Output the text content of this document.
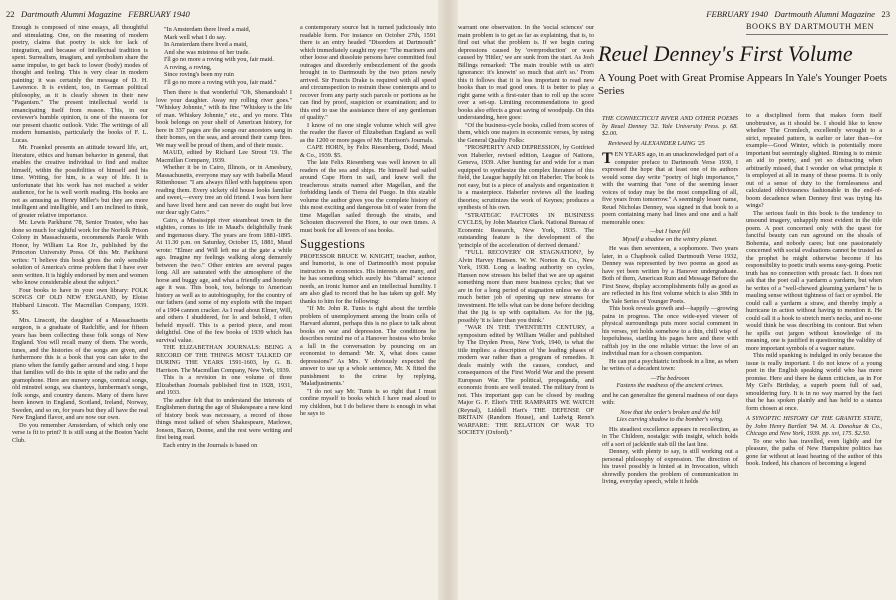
22 Dartmouth Alumni Magazine FEBRUARY 1940

Enough is composed of nine essays, all thoughtful and stimulating. One, on the meaning of modern poetry, claims that poetry is sick for lack of integration, and because of intellectual tradition is spent. Surrealism, imagism, and symbolism share the same impulse, to get back to lower (body) modes of thought and feeling. This is very clear in modern painting; it was certainly the message of D. H. Lawrence. It is evident, too, in German political philosophy, as it is clearly shown in their new "Paganism." The present intellectual world is emancipating itself from reason. This, in our reviewer's humble opinion, is one of the reasons for our present chaotic outlook. Vide: The writings of all modern humanists, particularly the books of F. L. Lucas.

Mr. Fraenkel presents an attitude toward life, art, literature, ethics and human behavior in general, that enables the creative individual to find and realize himself, within the possibilities of himself and his time. Writing, for him, is a way of life. It is unfortunate that his work has not reached a wider audience, for he is well worth reading. His books are not as amusing as Henry Miller's but they are more intelligent and intelligible, and I am inclined to think, of greater relative importance.

Mr. Lewis Parkhurst '78, Senior Trustee, who has done so much for sightful work for the Norfolk Prison Colony in Massachusetts, recommends Parole With Honor, by William La Roe Jr., published by the Princeton University Press. Of this Mr. Parkhurst writes: "I believe this book gives the only sensible solution of America's crime problem that I have ever seen written. It is highly endorsed by men and women who know considerable about the subject."

Four books to have in your own library: FOLK SONGS OF OLD NEW ENGLAND, by Eloise Hubbard Linscott. The Macmillan Company, 1939. $5.

Mrs. Linscott, the daughter of a Massachusetts surgeon, is a graduate of Radcliffe, and for fifteen years has been collecting these folk songs of New England. You will recall many of them. The words, tunes, and the histories of the songs are given, and furthermore this is a book that you can take to the piano when the family gather around and sing. I hope that families will do this in spite of the radio and the gramophone. Here are nursery songs, comical songs, old minstrel songs, sea chanteys, lumberman's songs, folk songs, and country dances. Many of them have been known in England, Scotland, Ireland, Norway, Sweden, and so on, for years but they all have the real New England flavor, and are now our own.

Do you remember Amsterdam, of which only one verse is fit to print? It is still sung at the Boston Yacht Club.

"In Amsterdam there lived a maid,
Mark well what I do say.
In Amsterdam there lived a maid,
And she was mistress of her trade.
I'll go no more a roving with you, fair maid.
A roving, a roving,
Since roving's been my ruin
I'll go no more a roving with you, fair maid."

Then there is that wonderful "Oh, Shenandoah! I love your daughter. Away my rolling river goes." "Whiskey Johnnie," with its fine "Whiskey is the life of man. Whiskey Johnnie," etc., and yo more. This book belongs on your shelf of American history, for here in 337 pages are the songs our ancestors sang in their homes, on the seas, and around their camp fires. We may well be proud of them, and of their music.

MAUD, edited by Richard Lee Strout '19. The Macmillan Company, 1939.

Whether it be in Cairo, Illinois, or in Amesbury, Massachusetts, everyone may say with Isabella Maud Rittenhouse: "I am always filled with happiness upon reading them. Every sickety old house looks familiar and sweet,—every tree an old friend. I was born here and have lived here and can never do ought but love our dear ugly Cairo."

Cairo, a Mississippi river steamboat town in the eighties, comes to life in Maud's delightfully frank and ingenuous diary. The years are from 1881-1895. At 11.30 p.m. on Saturday, October 15, 1881, Maud wrote: "Elmer and Will left me at the gate a while ago. Imagine my feelings walking along demurely between the two." Other entries are several pages long. All are saturated with the atmosphere of the horse and buggy age, and what a friendly and homely age it was. This book, too, belongs to American history as well as to autobiography, for the country of our fathers (and some of my exploits with the impact of a 1904 cannon cracker. As I read about Elmer, Will, and others I shuddered, for lo and behold, I often beheld myself. This is a period piece, and most delightful. One of the few books of 1939 which has survival value.

THE ELIZABETHAN JOURNALS: BEING A RECORD OF THE THINGS MOST TALKED OF DURING THE YEARS 1591-1603, by G. B. Harrison. The Macmillan Company, New York, 1939.

This is a revision in one volume of three Elizabethan Journals published first in 1928, 1931, and 1933.

The author felt that to understand the interests of Englishmen during the age of Shakespeare a new kind of history book was necessary, a record of those things most talked of when Shakespeare, Marlowe, Jonson, Bacon, Donne, and the rest were writing and first being read.

Each entry in the Journals is based on

a contemporary source but is turned judiciously into readable form. For instance on October 27th, 1591 there is an entry headed "Disorders at Dartmouth" which immediately caught my eye: "The mariners and other loose and dissolute persons have committed foul outrages and disorderly embezzlement of the goods brought in to Dartmouth by the two prizes newly arrived. Sir Francis Drake is required with all speed and circumspection to restrain these contempts and to recover from any party such parcels or portions as he can find by proof, suspicion or examination; and to this end to use the assistance there of any gentleman of quality."

I know of no one single volume which will give the reader the flavor of Elizabethan England as well as the 1200 or more pages of Mr. Harrison's Journals.

CAPE HORN, by Felix Riesenberg, Dodd, Mead & Co., 1939. $5.

The late Felix Riesenberg was well known to all readers of the sea and ships. He himself had sailed around Cape Horn in sail, and knew well the treacherous straits named after Magellan, and the forbidding lands of Tierra del Fuego. In this sizable volume the author gives you the complete history of this most exciting and dangerous bit of water from the time Magellan sailed through the straits, and Schouten discovered the Horn, to our own times. A must book for all lovers of sea books.

Suggestions

PROFESSOR BRUCE W. KNIGHT, teacher, author, and humorist, is one of Dartmouth's most popular instructors in economics. His interests are many, and he has something which surely his "dismal" science needs, an ironic humor and an intellectual humility. I am also glad to record that he has taken up golf. My thanks to him for the following:

"If Mr. John R. Tunis is right about the terrible problem of unemployment among the brain cells of Harvard alumni, perhaps this is no place to talk about books on war and depression. The conditions he describes remind me of a Hanover hostess who broke a lull in the conversation by pouncing on an economist to demand: 'Mr. X, what does cause depressions?' As Mrs. Y obviously expected the answer to use up a whole sentence, Mr. X fitted the punishment to the crime by replying, 'Maladjustments.'

"I do not say Mr. Tunis is so right that I must confine myself to books which I have read aloud to my children, but I do believe there is enough in what he says to

FEBRUARY 1940 Dartmouth Alumni Magazine 23

warrant one observation. In the 'social sciences' our main problem is to get as far as explaining, that is, to find out what the problem is. If we begin curing depressions caused by 'overproduction' or wars caused by 'Hitler,' we are sunk from the start. As Josh Billings remarked: 'The main trouble with us ain't ignorance: it's knowin' so much that ain't so.' From this it follows that it is less important to read new books than to read good ones. It is better to play a right game with a first-rater than to roll up the score over a set-up. Limiting recommendations to good books also effects a great saving of woodpulp. On this understanding, here goes:

"Of the business-cycle books, culled from scores of them, which one majors in economic verses, by using the General Quality Folks:

"PROSPERITY AND DEPRESSION, by Gottfried von Haberler, revised edition, League of Nations, Geneva, 1939. After hunting far and wide for a man equipped to synthesize the complex literature of this field, the League happily hit on Haberler. The book is not easy, but is a piece of analysis and organization it is a masterpiece. Haberler reviews all the leading theories; scrutinizes the work of Keynes; produces a synthesis of his own.

"STRATEGIC FACTORS IN BUSINESS CYCLES, by John Maurice Clark. National Bureau of Economic Research, New York, 1935. The outstanding feature is the development of the 'principle of the acceleration of derived demand.'

"FULL RECOVERY OR STAGNATION?, by Alvin Harvey Hansen. W. W. Norton & Co., New York, 1938. Long a leading authority on cycles, Hansen now stresses his belief that we are up against something more than mere business cycles; that we are in for a long period of stagnation unless we do a much better job of opening up new streams for investment. He tells what can be done before deciding that the jig is up with capitalism. As for the jig, possibly 'it is later than you think.'

"WAR IN THE TWENTIETH CENTURY, a symposium edited by William Waller and published by The Dryden Press, New York, 1940, is what the title implies: a description of 'the leading phases of modern war rather than a program of remedies. It deals mainly with the causes, conduct, and consequences of the First World War and the present European War. The political, propaganda, and economic fronts are well treated. The military front is not. This important gap can be closed by reading Major G. F. Eliot's THE RAMPARTS WE WATCH (Reynal), Liddell Hart's THE DEFENSE OF BRITAIN (Random House), and Ludwig Renn's WARFARE: THE RELATION OF WAR TO SOCIETY (Oxford)."

BOOKS BY DARTMOUTH MEN
Reuel Denney's First Volume
A Young Poet with Great Promise Appears In Yale's Younger Poets Series

THE CONNECTICUT RIVER AND OTHER POEMS by Reuel Denney '32. Yale University Press. p. 68. $2.00.

Reviewed by ALEXANDER LAING '25

TEN YEARS ago, in an unacknowledged part of a computer preface to Dartmouth Verse 1930, I expressed the hope that at least one of its authors would some day write "poetry of high importance," with the warning that "one of the seeming lesser voices of today may be the most compelling of all, five years from tomorrow." A seemingly lesser name, Reuel Nicholas Denney, was signed in that book to a poem containing many bad lines and one and a half memorable ones:

—but I have fell
Myself a shadow on the wintry planet.

He was then seventeen, a sophomore. Two years later, in a Chapbook called Dartmouth Verse 1932, Denney was represented by two poems as good as have yet been written by a Hanover undergraduate. Both of them, American Ruin and Message Before the First Snow, display accomplishments fully as good as are reflected in his first volume which is also 38th in the Yale Series of Younger Poets.

This book reveals growth and—happily —growing pains in progress. The once wide-eyed viewer of physical surroundings puts more social comment in his verses, yet holds somehow to a thin, chill wisp of hopefulness, startling his pages here and there with raffish joy in the one reliable virtue: the love of an individual man for a chosen companion.

He can put a psychiatric textbook in a line, as when he writes of a decadent town:

—The bedroom
Fastens the madness of the ancient crimes.

and he can generalize the general madness of our days with:

Now that the order's broken and the hill
Lies curving shadow to the bomber's wing.

His steadiest excellence appears in recollection, as in The Children, nostalgic with insight, which holds off a sort of jackknife stab till the last line.

Denney, with plenty to say, is still working out a personal philosophy of expression. The direction of his travel possibly is hinted at in Invocation, which shrewdly ponders the problem of communication in living, everyday speech, while it holds

to a disciplined form that makes form itself unobtrusive, as it should be. I should like to know whether The Cromlech, excellently wrought to a strict, repeated pattern, is earlier or later than—for example—Good Winter, which is potentially more important but seemingly slighted. Riming is to mimic an aid to poetry, and yet so distracting when arbitrarily missed, that I wonder on what principle it is employed at all in many of these poems. It is only out of a sense of duty to the formlessness and calculated obliviousness fashionable in the end-of-boom decadence when Denney first was trying his wings?

The serious fault in this book is the tendency to unsound imagery, unhappily most evident in the title poem. A poet concerned only with the quest for fanciful beauty can run aground on the shoals of Bohemia, and nobody cares; but one passionately concerned with social evaluations cannot be trusted as the prophet he might otherwise become if his responsibility to poetic truth seems easy-going. Poetic truth has no connection with prosaic fact. It does not ask that the poet call a yardarm a yardarm, but when he writes of a "well-chewed gleaming yardarm" he is mauling sense without tightness of fact or symbol. He could call a yardarm a straw, and thereby imply a hurricane in action without having to mention it. He could call it a hook to stretch men's necks, and no-one would think he was describing its contour. But when he spills out jargon without knowledge of its meaning, one is justified in questioning the validity of more important symbols of a vaguer nature.

This mild spanking is indulged in only because the issue is really important. I do not know of a young poet in the English speaking world who has more promise. Here and there he damn criticism, as in For My Girl's Birthday, a superb poem full of sad, smouldering fury. It is in no way marred by the fact that he has spoken plainly and has held to a stanza form chosen at once.

A SYNOPTIC HISTORY OF THE GRANITE STATE, by John Henry Bartlett '94. M. A. Donohue & Co., Chicago and New York, 1939. pp. xvi, 175. $2.50.

To one who has travelled, even lightly and for pleasure, the paths of New Hampshire politics has gone far without at least hearing of the author of this book. Indeed, his chances of becoming a legend
